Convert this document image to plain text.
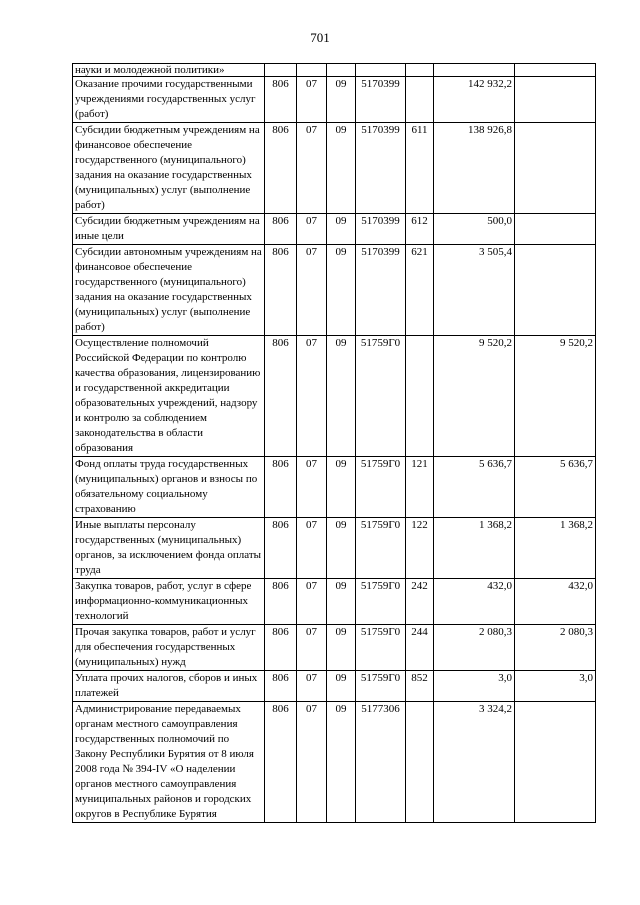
701
науки и молодежной политики»							
Оказание прочими государственными учреждениями государственных услуг (работ)	806	07	09	5170399		142 932,2	
Субсидии бюджетным учреждениям на финансовое обеспечение государственного (муниципального) задания на оказание государственных (муниципальных) услуг (выполнение работ)	806	07	09	5170399	611	138 926,8	
Субсидии бюджетным учреждениям на иные цели	806	07	09	5170399	612	500,0	
Субсидии автономным учреждениям на финансовое обеспечение государственного (муниципального) задания на оказание государственных (муниципальных) услуг (выполнение работ)	806	07	09	5170399	621	3 505,4	
Осуществление полномочий Российской Федерации по контролю качества образования, лицензированию и государственной аккредитации образовательных учреждений, надзору и контролю за соблюдением законодательства в области образования	806	07	09	51759Г0		9 520,2	9 520,2
Фонд оплаты труда государственных (муниципальных) органов и взносы по обязательному социальному страхованию	806	07	09	51759Г0	121	5 636,7	5 636,7
Иные выплаты персоналу государственных (муниципальных) органов, за исключением фонда оплаты труда	806	07	09	51759Г0	122	1 368,2	1 368,2
Закупка товаров, работ, услуг в сфере информационно-коммуникационных технологий	806	07	09	51759Г0	242	432,0	432,0
Прочая закупка товаров, работ и услуг для обеспечения государственных (муниципальных) нужд	806	07	09	51759Г0	244	2 080,3	2 080,3
Уплата прочих налогов, сборов и иных платежей	806	07	09	51759Г0	852	3,0	3,0
Администрирование передаваемых органам местного самоуправления государственных полномочий по Закону Республики Бурятия от 8 июля 2008 года № 394-IV «О наделении органов местного самоуправления муниципальных районов и городских округов в Республике Бурятия	806	07	09	5177306		3 324,2	
